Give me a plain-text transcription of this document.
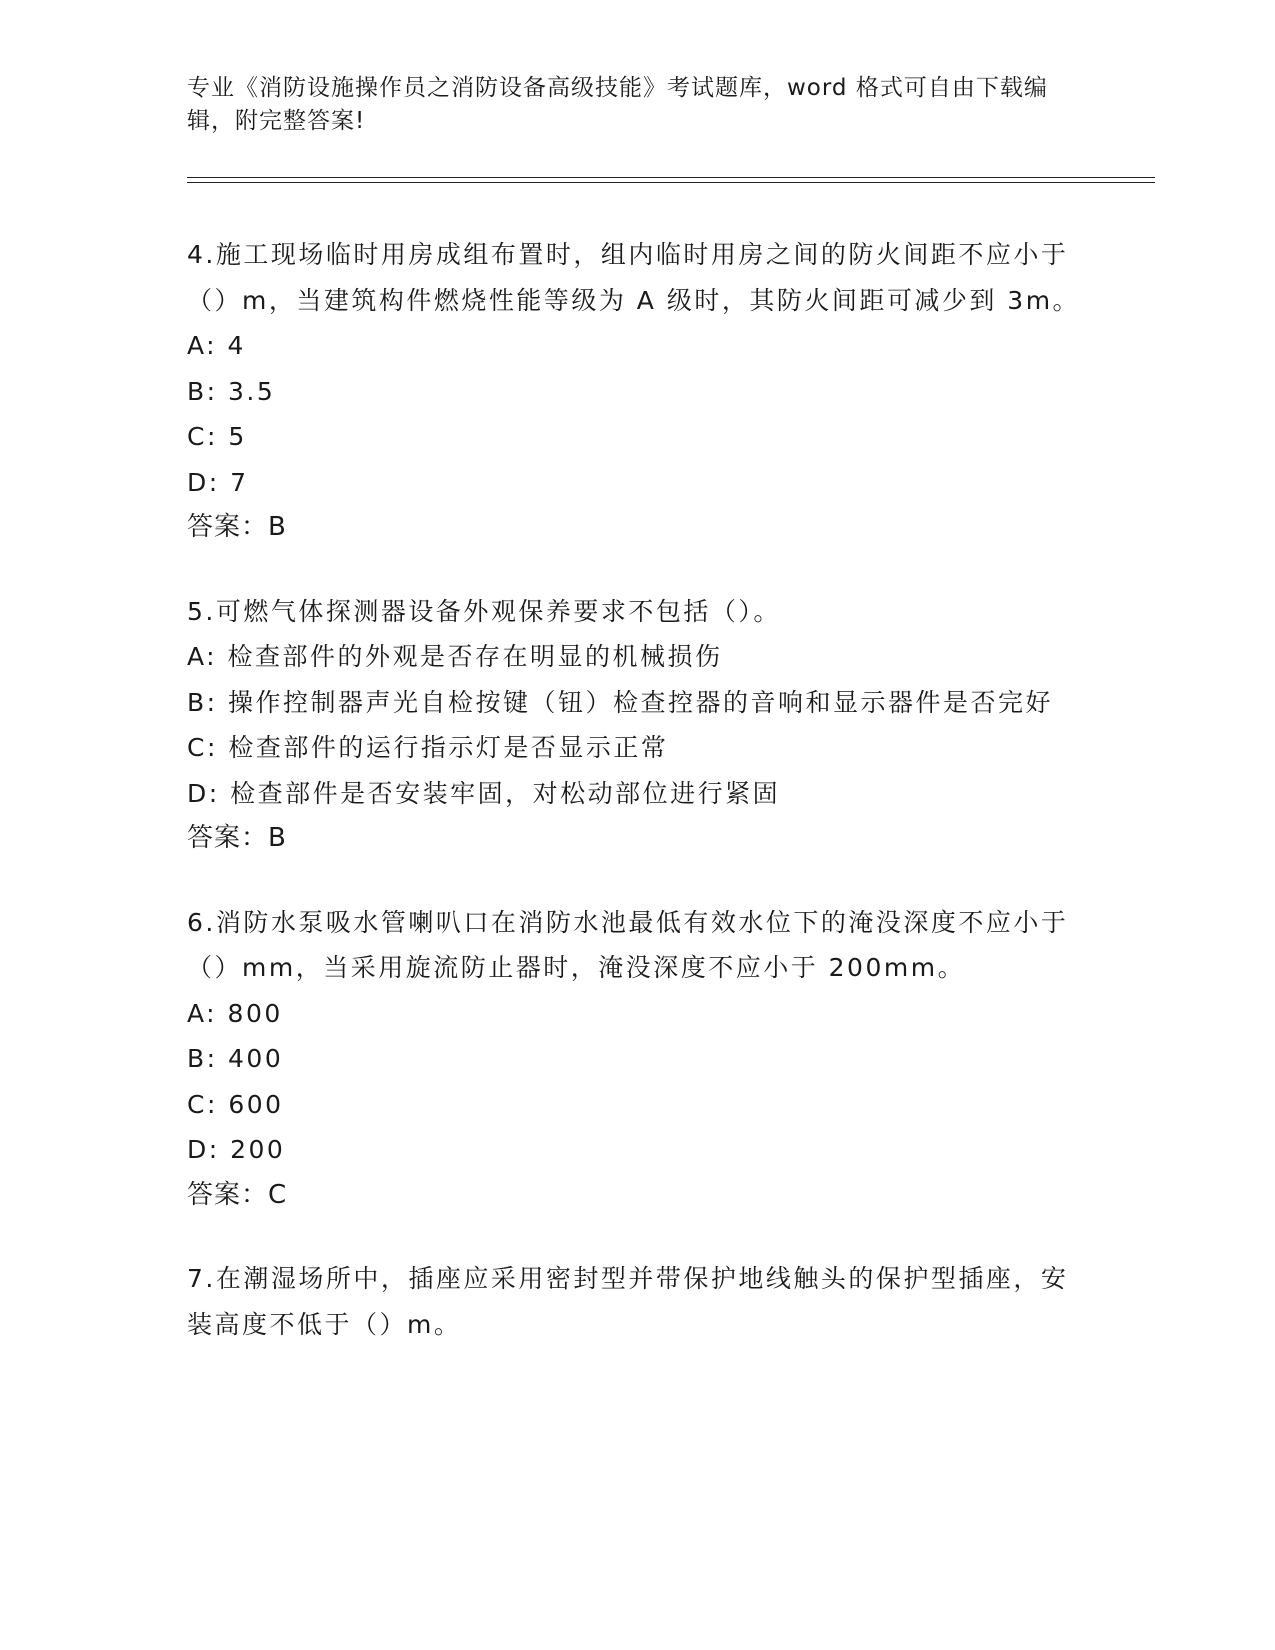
专业《消防设施操作员之消防设备高级技能》考试题库，word 格式可自由下载编辑，附完整答案!

4.施工现场临时用房成组布置时，组内临时用房之间的防火间距不应小于（）m，当建筑构件燃烧性能等级为 A 级时，其防火间距可减少到 3m。

A: 4

B: 3.5

C: 5

D: 7

答案：B

5.可燃气体探测器设备外观保养要求不包括（）。

A: 检查部件的外观是否存在明显的机械损伤

B: 操作控制器声光自检按键（钮）检查控器的音响和显示器件是否完好

C: 检查部件的运行指示灯是否显示正常

D: 检查部件是否安装牢固，对松动部位进行紧固

答案：B

6.消防水泵吸水管喇叭口在消防水池最低有效水位下的淹没深度不应小于（）mm，当采用旋流防止器时，淹没深度不应小于 200mm。

A: 800

B: 400

C: 600

D: 200

答案：C

7.在潮湿场所中，插座应采用密封型并带保护地线触头的保护型插座，安装高度不低于（）m。
